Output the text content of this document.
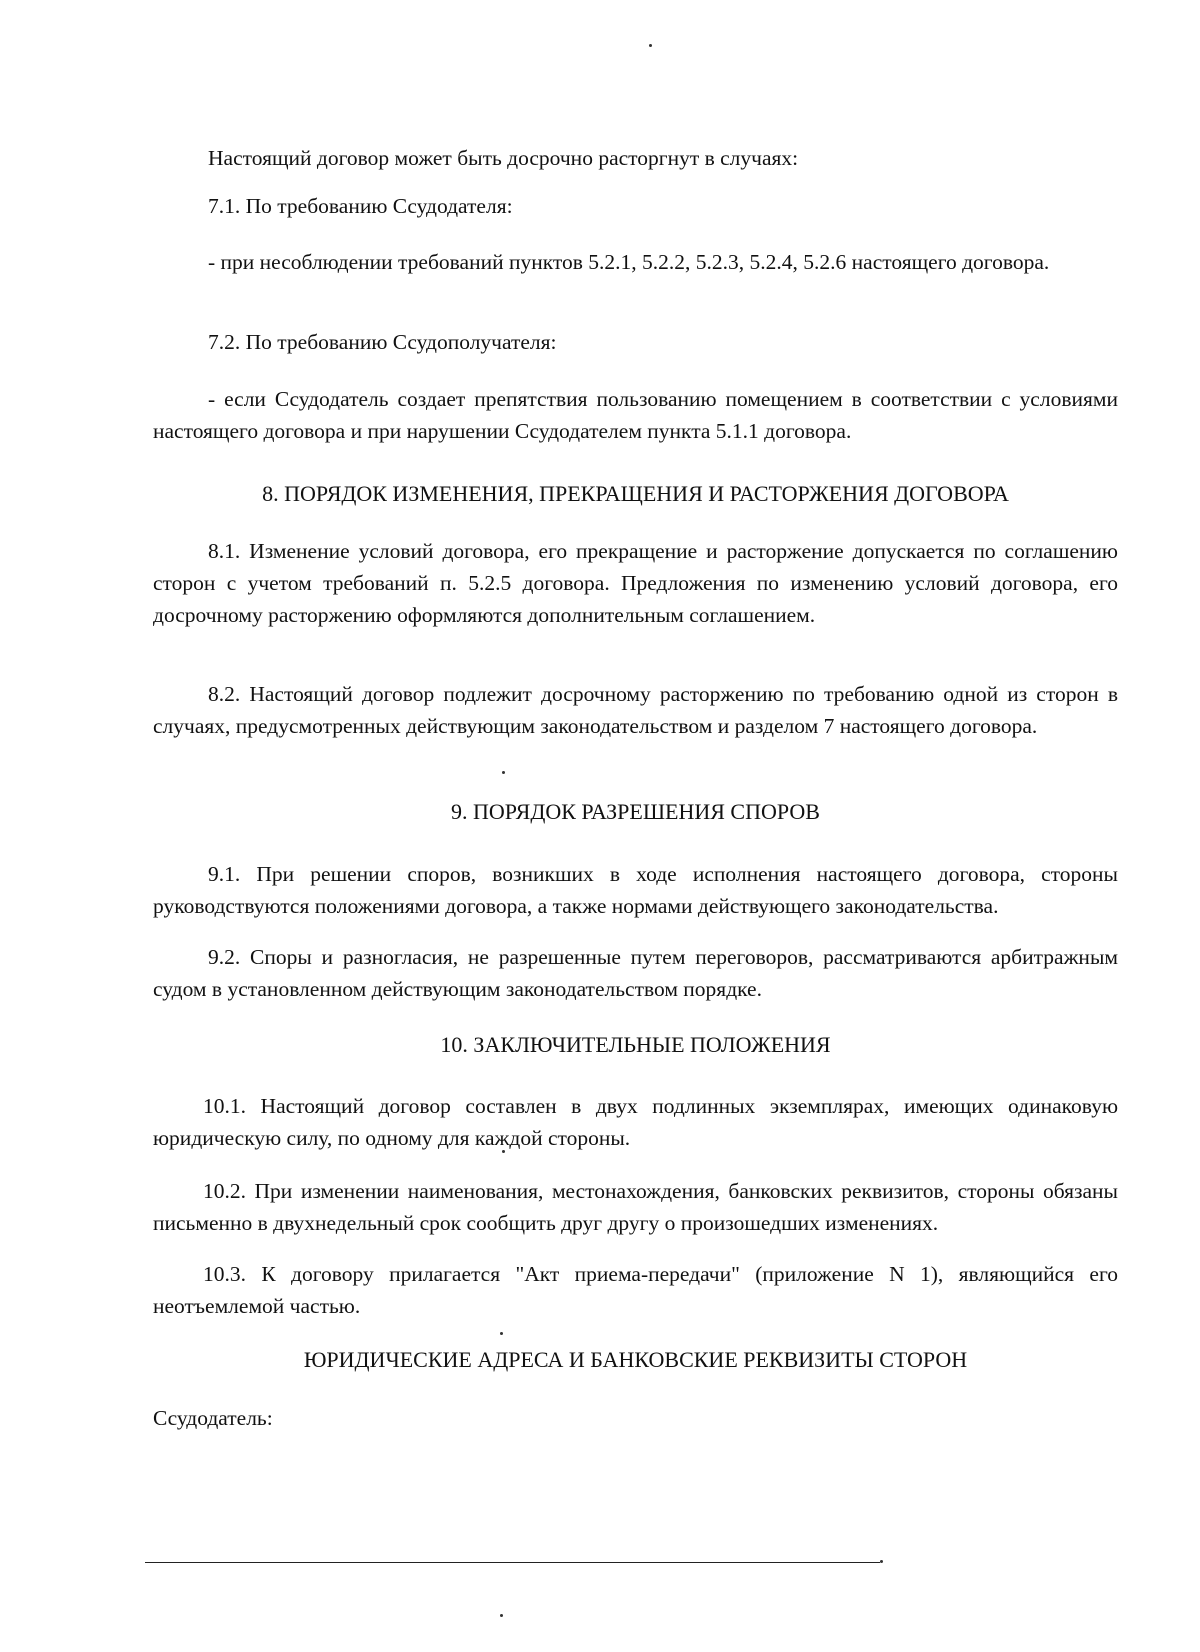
Настоящий договор может быть досрочно расторгнут в случаях:
7.1. По требованию Ссудодателя:
- при несоблюдении требований пунктов 5.2.1, 5.2.2, 5.2.3, 5.2.4, 5.2.6 настоящего договора.
7.2. По требованию Ссудополучателя:
- если Ссудодатель создает препятствия пользованию помещением в соответствии с условиями настоящего договора и при нарушении Ссудодателем пункта 5.1.1 договора.
8. ПОРЯДОК ИЗМЕНЕНИЯ, ПРЕКРАЩЕНИЯ И РАСТОРЖЕНИЯ ДОГОВОРА
8.1. Изменение условий договора, его прекращение и расторжение допускается по соглашению сторон с учетом требований п. 5.2.5 договора. Предложения по изменению условий договора, его досрочному расторжению оформляются дополнительным соглашением.
8.2. Настоящий договор подлежит досрочному расторжению по требованию одной из сторон в случаях, предусмотренных действующим законодательством и разделом 7 настоящего договора.
9. ПОРЯДОК РАЗРЕШЕНИЯ СПОРОВ
9.1. При решении споров, возникших в ходе исполнения настоящего договора, стороны руководствуются положениями договора, а также нормами действующего законодательства.
9.2. Споры и разногласия, не разрешенные путем переговоров, рассматриваются арбитражным судом в установленном действующим законодательством порядке.
10. ЗАКЛЮЧИТЕЛЬНЫЕ ПОЛОЖЕНИЯ
10.1. Настоящий договор составлен в двух подлинных экземплярах, имеющих одинаковую юридическую силу, по одному для каждой стороны.
10.2. При изменении наименования, местонахождения, банковских реквизитов, стороны обязаны письменно в двухнедельный срок сообщить друг другу о произошедших изменениях.
10.3. К договору прилагается "Акт приема-передачи" (приложение N 1), являющийся его неотъемлемой частью.
ЮРИДИЧЕСКИЕ АДРЕСА И БАНКОВСКИЕ РЕКВИЗИТЫ СТОРОН
Ссудодатель:
